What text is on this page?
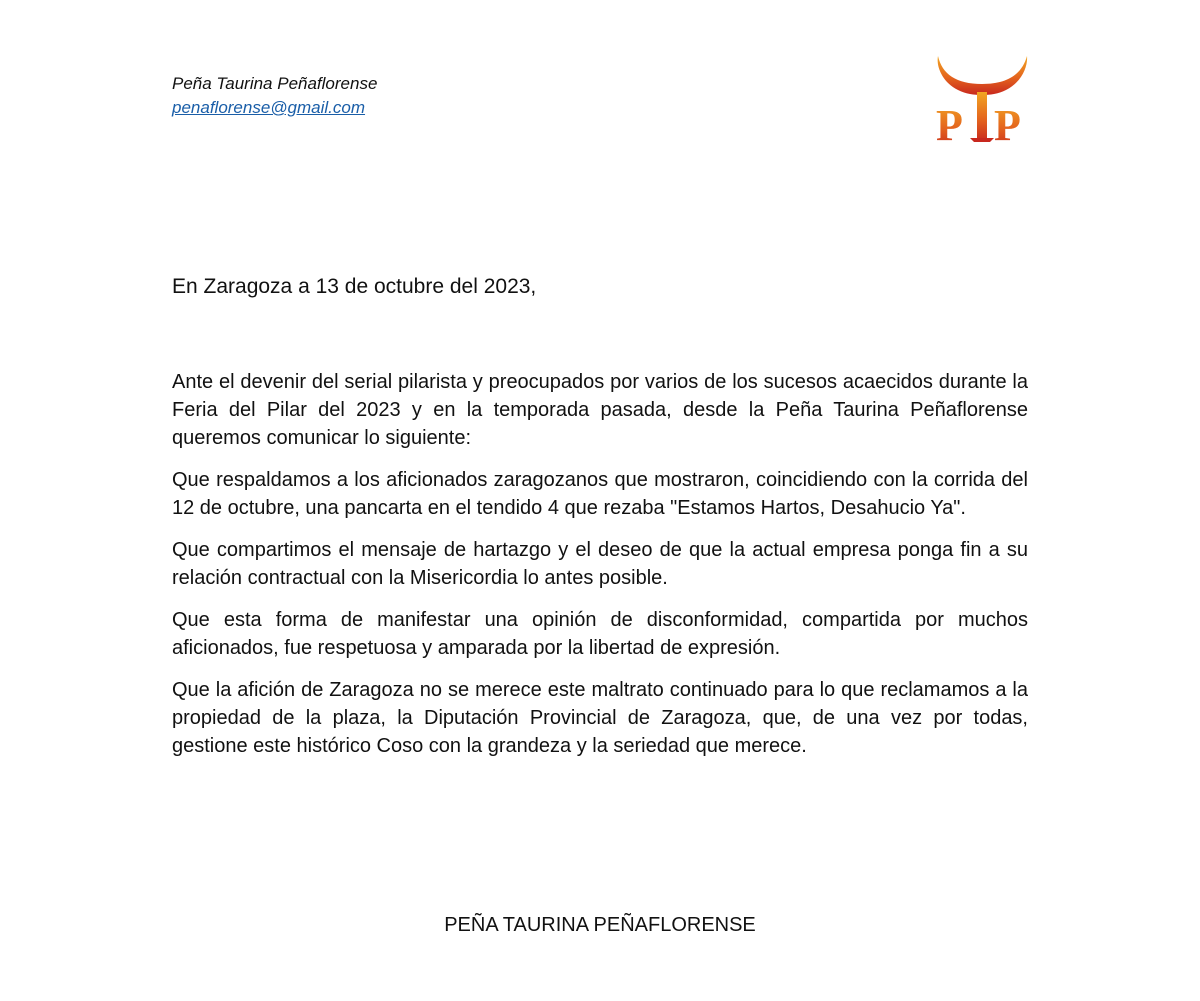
Peña Taurina Peñaflorense
penaflorense@gmail.com	P P
En Zaragoza a 13 de octubre del 2023,

Ante el devenir del serial pilarista y preocupados por varios de los sucesos acaecidos durante la Feria del Pilar del 2023 y en la temporada pasada, desde la Peña Taurina Peñaflorense queremos comunicar lo siguiente:

Que respaldamos a los aficionados zaragozanos que mostraron, coincidiendo con la corrida del 12 de octubre, una pancarta en el tendido 4 que rezaba "Estamos Hartos, Desahucio Ya".

Que compartimos el mensaje de hartazgo y el deseo de que la actual empresa ponga fin a su relación contractual con la Misericordia lo antes posible.

Que esta forma de manifestar una opinión de disconformidad, compartida por muchos aficionados, fue respetuosa y amparada por la libertad de expresión.

Que la afición de Zaragoza no se merece este maltrato continuado para lo que reclamamos a la propiedad de la plaza, la Diputación Provincial de Zaragoza, que, de una vez por todas, gestione este histórico Coso con la grandeza y la seriedad que merece.

PEÑA TAURINA PEÑAFLORENSE
